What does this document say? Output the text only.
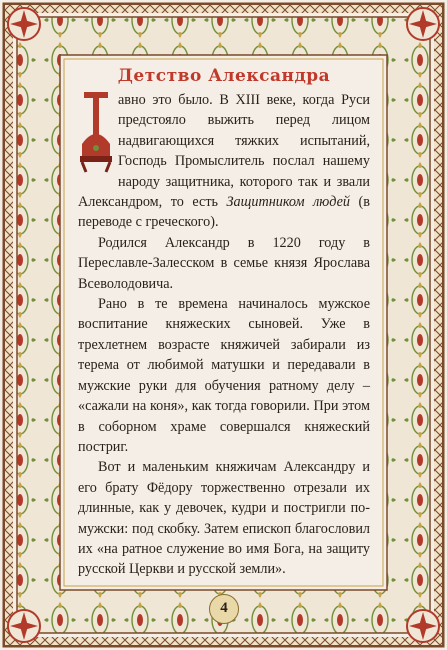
Детство Александра

Д
авно это было. В XIII веке, когда Руси предстояло выжить перед лицом надвигающихся тяжких испытаний, Господь Промыслитель послал нашему народу защитника, которого так и звали Александром, то есть Защитником людей (в переводе с греческого).

Родился Александр в 1220 году в Переславле-Залесском в семье князя Ярослава Всеволодовича.

Рано в те времена начиналось мужское воспитание княжеских сыновей. Уже в трехлетнем возрасте княжичей забирали из терема от любимой матушки и передавали в мужские руки для обучения ратному делу – «сажали на коня», как тогда говорили. При этом в соборном храме совершался княжеский постриг.

Вот и маленьким княжичам Александру и его брату Фёдору торжественно отрезали их длинные, как у девочек, кудри и постригли по-мужски: под скобку. Затем епископ благословил их «на ратное служение во имя Бога, на защиту русской Церкви и русской земли».

4
